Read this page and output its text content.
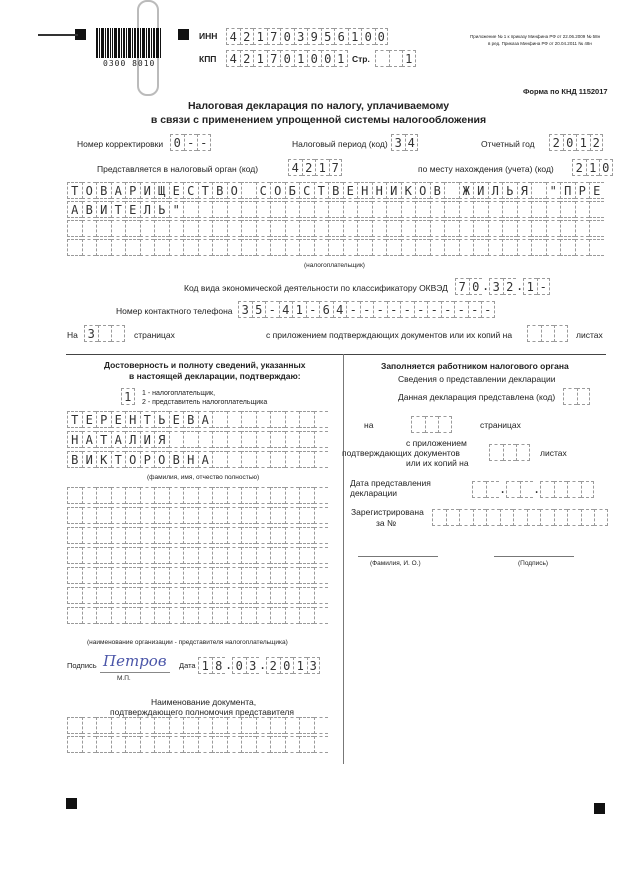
0300 8010
ИНН	4 2 1 7 0 3 9 5 6 1 0 0
КПП	4 2 1 7 0 1 0 0 1 Стр.	1
Приложение № 1 к приказу Минфина РФ от 22.06.2009 № 58н
в ред. Приказа Минфина РФ от 20.04.2011 № 48н
Форма по КНД 1152017
Налоговая декларация по налогу, уплачиваемому
в связи с применением упрощенной системы налогообложения
Номер корректировки 0 - -	Налоговый период (код) 3 4	Отчетный год	2 0 1 2
Представляется в налоговый орган (код)	4 2 1 7	по месту нахождения (учета) (код)	2 1 0
Т О В А Р И Щ Е С Т В О	С О Б С Т В Е Н Н И К О В	Ж И Л Ь Я	" П Р Е
А В И Т Е Л Ь "
(налогоплательщик)
Код вида экономической деятельности по классификатору ОКВЭД 7 0 . 3 2 . 1 -
Номер контактного телефона 3 5 - 4 1 - 6 4 - - - - - - - - - - -
На 3	страницах	с приложением подтверждающих документов или их копий на	листах
Достоверность и полноту сведений, указанных
в настоящей декларации, подтверждаю:
1	1 - налогоплательщик,
2 - представитель налогоплательщика
Т Е Р Е Н Т Ь Е В А
Н А Т А Л И Я
В И К Т О Р О В Н А
(фамилия, имя, отчество полностью)
(наименование организации - представителя налогоплательщика)
Подпись Петров
М.П.
Дата 1 8 . 0 3 . 2 0 1 3
Наименование документа,
подтверждающего полномочия представителя
Заполняется работником налогового органа
Сведения о представлении декларации
Данная декларация представлена (код)
на	страницах
с приложением
подтверждающих документов
или их копий на
листах
Дата представления
декларации	. .
Зарегистрирована
за №
(Фамилия, И. О.)	(Подпись)
